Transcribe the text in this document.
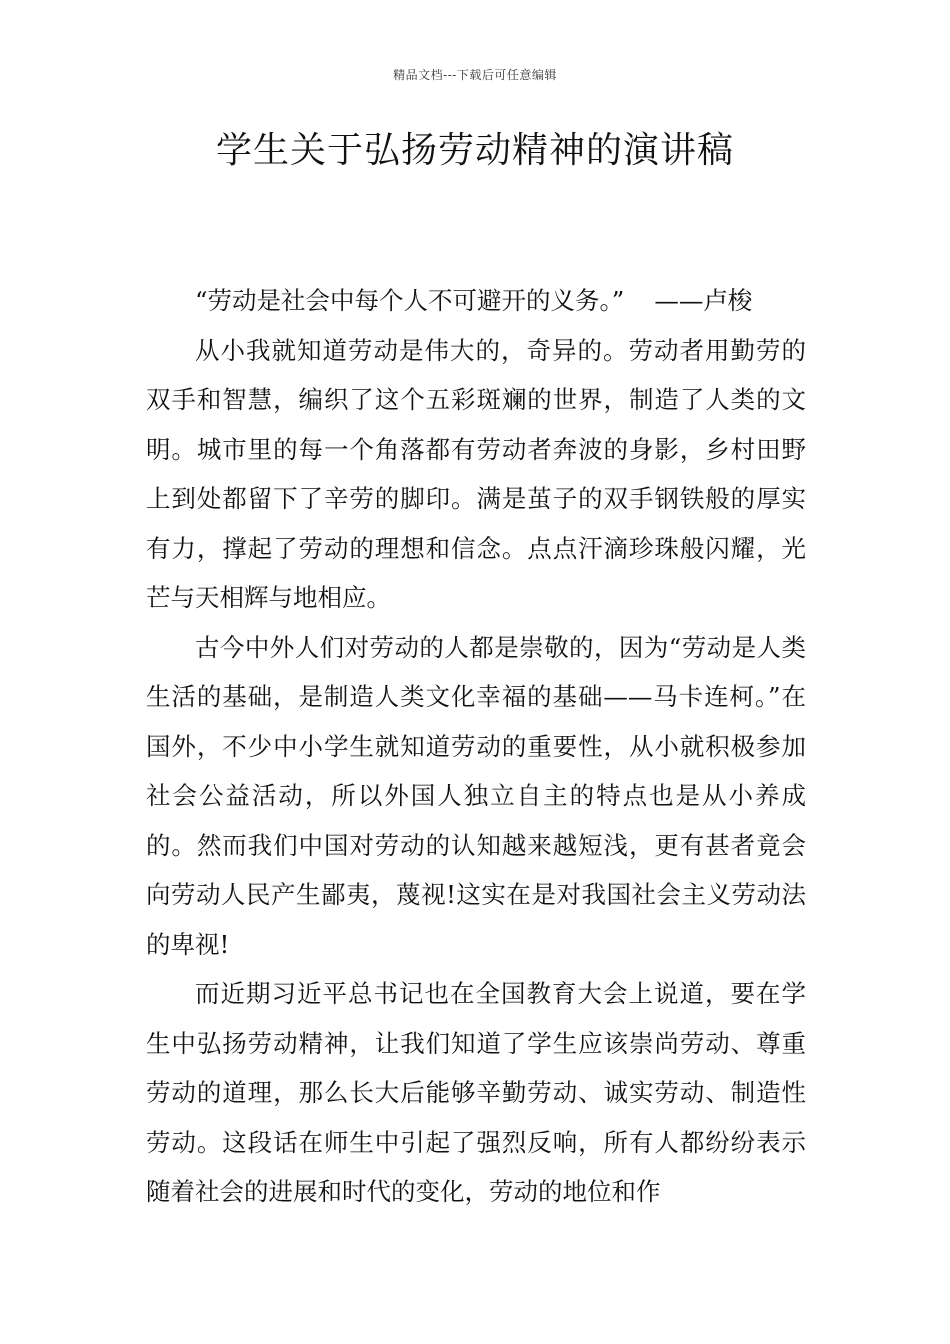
精品文档---下载后可任意编辑
学生关于弘扬劳动精神的演讲稿

“劳动是社会中每个人不可避开的义务。” ——卢梭

从小我就知道劳动是伟大的，奇异的。劳动者用勤劳的双手和智慧，编织了这个五彩斑斓的世界，制造了人类的文明。城市里的每一个角落都有劳动者奔波的身影，乡村田野上到处都留下了辛劳的脚印。满是茧子的双手钢铁般的厚实有力，撑起了劳动的理想和信念。点点汗滴珍珠般闪耀，光芒与天相辉与地相应。

古今中外人们对劳动的人都是崇敬的，因为“劳动是人类生活的基础，是制造人类文化幸福的基础——马卡连柯。”在国外，不少中小学生就知道劳动的重要性，从小就积极参加社会公益活动，所以外国人独立自主的特点也是从小养成的。然而我们中国对劳动的认知越来越短浅，更有甚者竟会向劳动人民产生鄙夷，蔑视!这实在是对我国社会主义劳动法的卑视!

而近期习近平总书记也在全国教育大会上说道，要在学生中弘扬劳动精神，让我们知道了学生应该崇尚劳动、尊重劳动的道理，那么长大后能够辛勤劳动、诚实劳动、制造性劳动。这段话在师生中引起了强烈反响，所有人都纷纷表示随着社会的进展和时代的变化，劳动的地位和作
